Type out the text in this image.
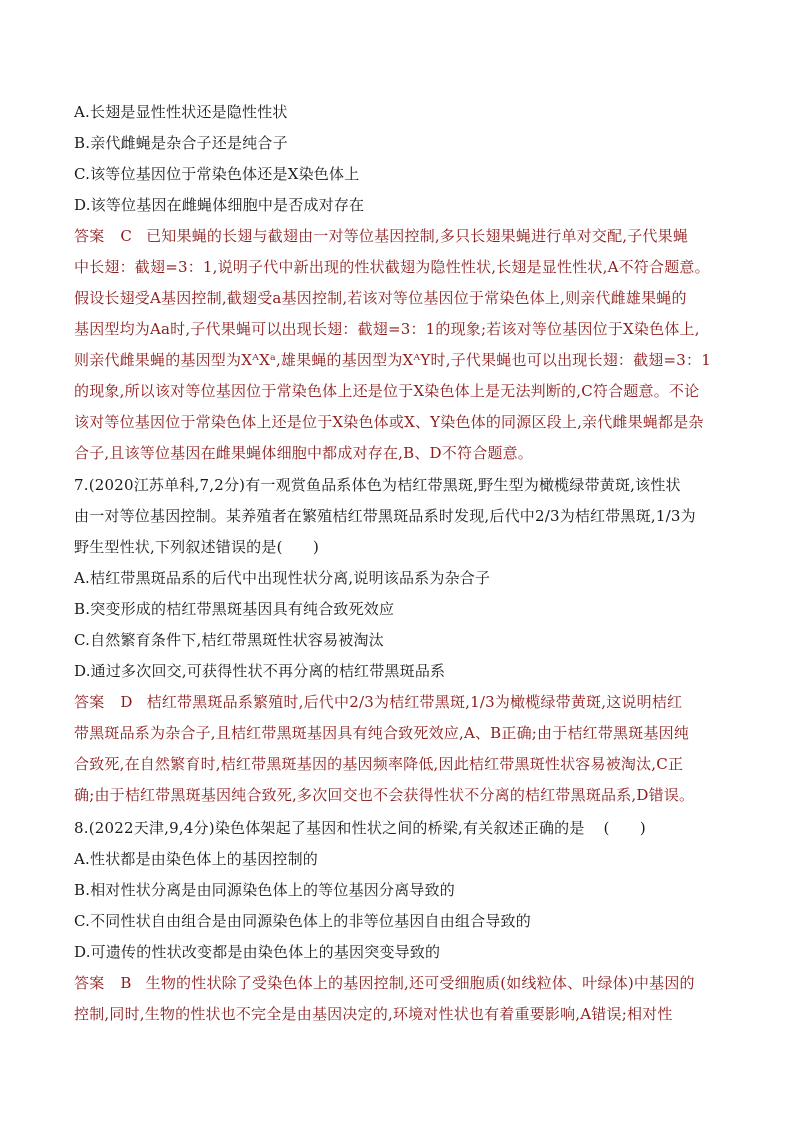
A.长翅是显性性状还是隐性性状
B.亲代雌蝇是杂合子还是纯合子
C.该等位基因位于常染色体还是X染色体上
D.该等位基因在雌蝇体细胞中是否成对存在
答案 C 已知果蝇的长翅与截翅由一对等位基因控制,多只长翅果蝇进行单对交配,子代果蝇
中长翅：截翅=3：1,说明子代中新出现的性状截翅为隐性性状,长翅是显性性状,A不符合题意。
假设长翅受A基因控制,截翅受a基因控制,若该对等位基因位于常染色体上,则亲代雌雄果蝇的
基因型均为Aa时,子代果蝇可以出现长翅：截翅=3：1的现象;若该对等位基因位于X染色体上,
则亲代雌果蝇的基因型为XᴬXᵃ,雄果蝇的基因型为XᴬY时,子代果蝇也可以出现长翅：截翅=3：1
的现象,所以该对等位基因位于常染色体上还是位于X染色体上是无法判断的,C符合题意。不论
该对等位基因位于常染色体上还是位于X染色体或X、Y染色体的同源区段上,亲代雌果蝇都是杂
合子,且该等位基因在雌果蝇体细胞中都成对存在,B、D不符合题意。
7.(2020江苏单科,7,2分)有一观赏鱼品系体色为桔红带黑斑,野生型为橄榄绿带黄斑,该性状
由一对等位基因控制。某养殖者在繁殖桔红带黑斑品系时发现,后代中2/3为桔红带黑斑,1/3为
野生型性状,下列叙述错误的是(　　)
A.桔红带黑斑品系的后代中出现性状分离,说明该品系为杂合子
B.突变形成的桔红带黑斑基因具有纯合致死效应
C.自然繁育条件下,桔红带黑斑性状容易被淘汰
D.通过多次回交,可获得性状不再分离的桔红带黑斑品系
答案 D 桔红带黑斑品系繁殖时,后代中2/3为桔红带黑斑,1/3为橄榄绿带黄斑,这说明桔红
带黑斑品系为杂合子,且桔红带黑斑基因具有纯合致死效应,A、B正确;由于桔红带黑斑基因纯
合致死,在自然繁育时,桔红带黑斑基因的基因频率降低,因此桔红带黑斑性状容易被淘汰,C正
确;由于桔红带黑斑基因纯合致死,多次回交也不会获得性状不分离的桔红带黑斑品系,D错误。
8.(2022天津,9,4分)染色体架起了基因和性状之间的桥梁,有关叙述正确的是 (　　)
A.性状都是由染色体上的基因控制的
B.相对性状分离是由同源染色体上的等位基因分离导致的
C.不同性状自由组合是由同源染色体上的非等位基因自由组合导致的
D.可遗传的性状改变都是由染色体上的基因突变导致的
答案 B 生物的性状除了受染色体上的基因控制,还可受细胞质(如线粒体、叶绿体)中基因的
控制,同时,生物的性状也不完全是由基因决定的,环境对性状也有着重要影响,A错误;相对性
